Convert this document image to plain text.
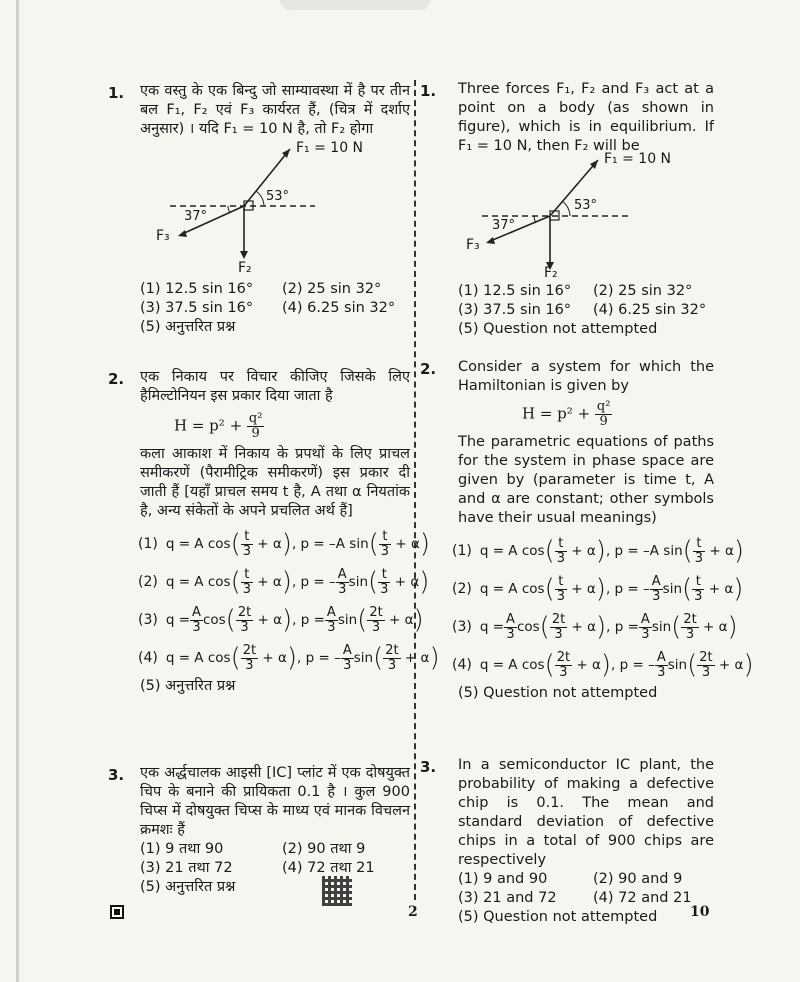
1. एक वस्तु के एक बिन्दु जो साम्यावस्था में है पर तीन बल F₁, F₂ एवं F₃ कार्यरत हैं, (चित्र में दर्शाए अनुसार) । यदि F₁ = 10 N है, तो F₂ होगा
F₁ = 10 N
53°
37°
F₃
F₂
(1) 12.5 sin 16°	(2) 25 sin 32°
(3) 37.5 sin 16°	(4) 6.25 sin 32°
(5) अनुत्तरित प्रश्न
2. एक निकाय पर विचार कीजिए जिसके लिए हैमिल्टोनियन इस प्रकार दिया जाता है
$H = p^2 + \frac{\text{q²}}{9}$
कला आकाश में निकाय के प्रपथों के लिए प्राचल समीकरणें (पैरामीट्रिक समीकरणें) इस प्रकार दी जाती हैं [यहाँ प्राचल समय t है, A तथा α नियतांक है, अन्य संकेतों के अपने प्रचलित अर्थ हैं]
(1) q = A cos ( $\frac{t}{3} + \alpha$ ) , p = –A sin ( $\frac{t}{3} + \alpha$ )
(2) q = A cos ( $\frac{t}{3} + \alpha$ ) , p = – $\frac{A}{3}$ sin ( $\frac{t}{3} + \alpha$ )
(3) $q = \frac{A}{3}$ cos ( $\frac{2t}{3} + \alpha$ ) , $p = \frac{A}{3}$ sin ( $\frac{2t}{3} + \alpha$ )
(4) q = A cos ( $\frac{2t}{3} + \alpha$ ) , p = – $\frac{A}{3}$ sin ( $\frac{2t}{3} + \alpha$ )
(5) अनुत्तरित प्रश्न
3. एक अर्द्धचालक आइसी [IC] प्लांट में एक दोषयुक्त चिप के बनाने की प्रायिकता 0.1 है । कुल 900 चिप्स में दोषयुक्त चिप्स के माध्य एवं मानक विचलन क्रमशः हैं
(1) 9 तथा 90	(2) 90 तथा 9
(3) 21 तथा 72	(4) 72 तथा 21
(5) अनुत्तरित प्रश्न
1. Three forces F₁, F₂ and F₃ act at a point on a body (as shown in figure), which is in equilibrium. If F₁ = 10 N, then F₂ will be
F₁ = 10 N
53°
37°
F₃
F₂
(1) 12.5 sin 16°	(2) 25 sin 32°
(3) 37.5 sin 16°	(4) 6.25 sin 32°
(5) Question not attempted
2. Consider a system for which the Hamiltonian is given by
$H = p^2 + \frac{\text{q²}}{9}$
The parametric equations of paths for the system in phase space are given by (parameter is time t, A and α are constant; other symbols have their usual meanings)
(1) q = A cos ( $\frac{t}{3} + \alpha$ ) , p = –A sin ( $\frac{t}{3} + \alpha$ )
(2) q = A cos ( $\frac{t}{3} + \alpha$ ) , p = – $\frac{A}{3}$ sin ( $\frac{t}{3} + \alpha$ )
(3) $q = \frac{A}{3}$ cos ( $\frac{2t}{3} + \alpha$ ) , $p = \frac{A}{3}$ sin ( $\frac{2t}{3} + \alpha$ )
(4) q = A cos ( $\frac{2t}{3} + \alpha$ ) , p = – $\frac{A}{3}$ sin ( $\frac{2t}{3} + \alpha$ )
(5) Question not attempted
3. In a semiconductor IC plant, the probability of making a defective chip is 0.1. The mean and standard deviation of defective chips in a total of 900 chips are respectively
(1) 9 and 90	(2) 90 and 9
(3) 21 and 72	(4) 72 and 21
(5) Question not attempted
2	10
